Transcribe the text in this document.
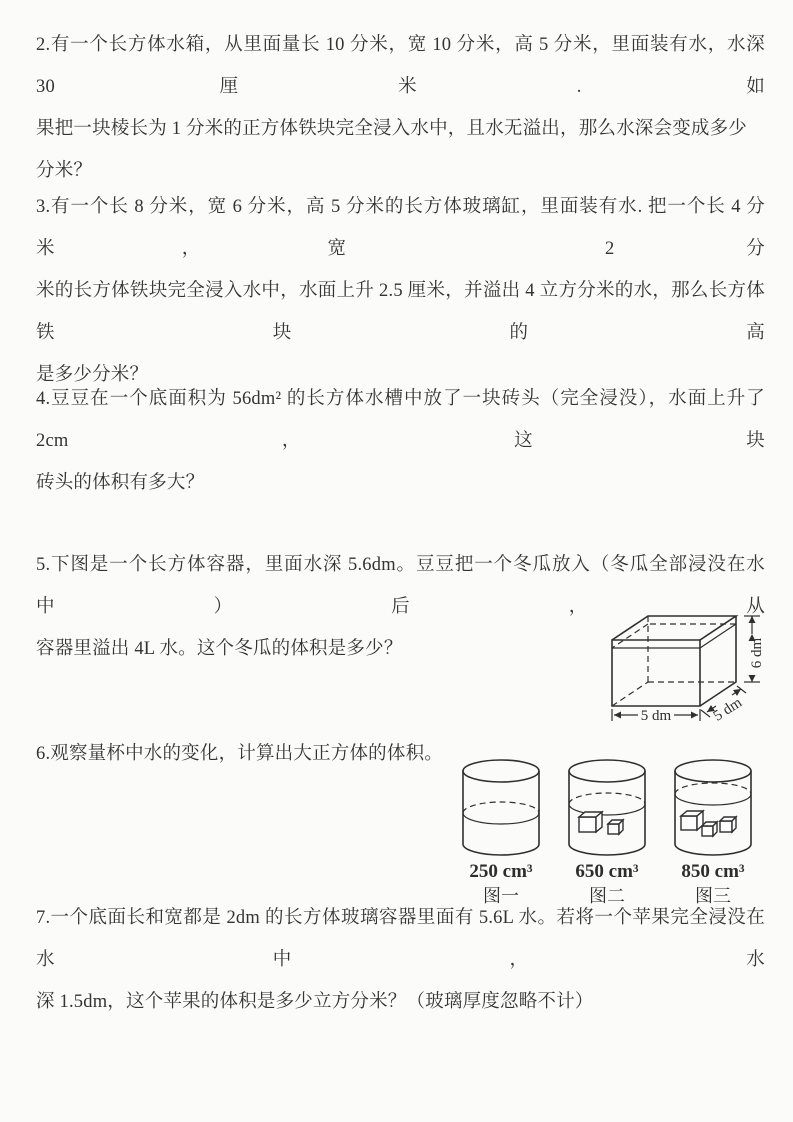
2.有一个长方体水箱，从里面量长 10 分米，宽 10 分米，高 5 分米，里面装有水，水深 30 厘米. 如
果把一块棱长为 1 分米的正方体铁块完全浸入水中，且水无溢出，那么水深会变成多少分米？
3.有一个长 8 分米，宽 6 分米，高 5 分米的长方体玻璃缸，里面装有水. 把一个长 4 分米，宽 2 分
米的长方体铁块完全浸入水中，水面上升 2.5 厘米，并溢出 4 立方分米的水，那么长方体铁块的高
是多少分米？
4.豆豆在一个底面积为 56dm² 的长方体水槽中放了一块砖头（完全浸没），水面上升了 2cm，这块
砖头的体积有多大？
5.下图是一个长方体容器，里面水深 5.6dm。豆豆把一个冬瓜放入（冬瓜全部浸没在水中）后，从
容器里溢出 4L 水。这个冬瓜的体积是多少？	6 dm
5 dm	5 dm
6.观察量杯中水的变化，计算出大正方体的体积。
250 cm³
图一
650 cm³
图二
850 cm³
图三
7.一个底面长和宽都是 2dm 的长方体玻璃容器里面有 5.6L 水。若将一个苹果完全浸没在水中，水
深 1.5dm，这个苹果的体积是多少立方分米？（玻璃厚度忽略不计）
